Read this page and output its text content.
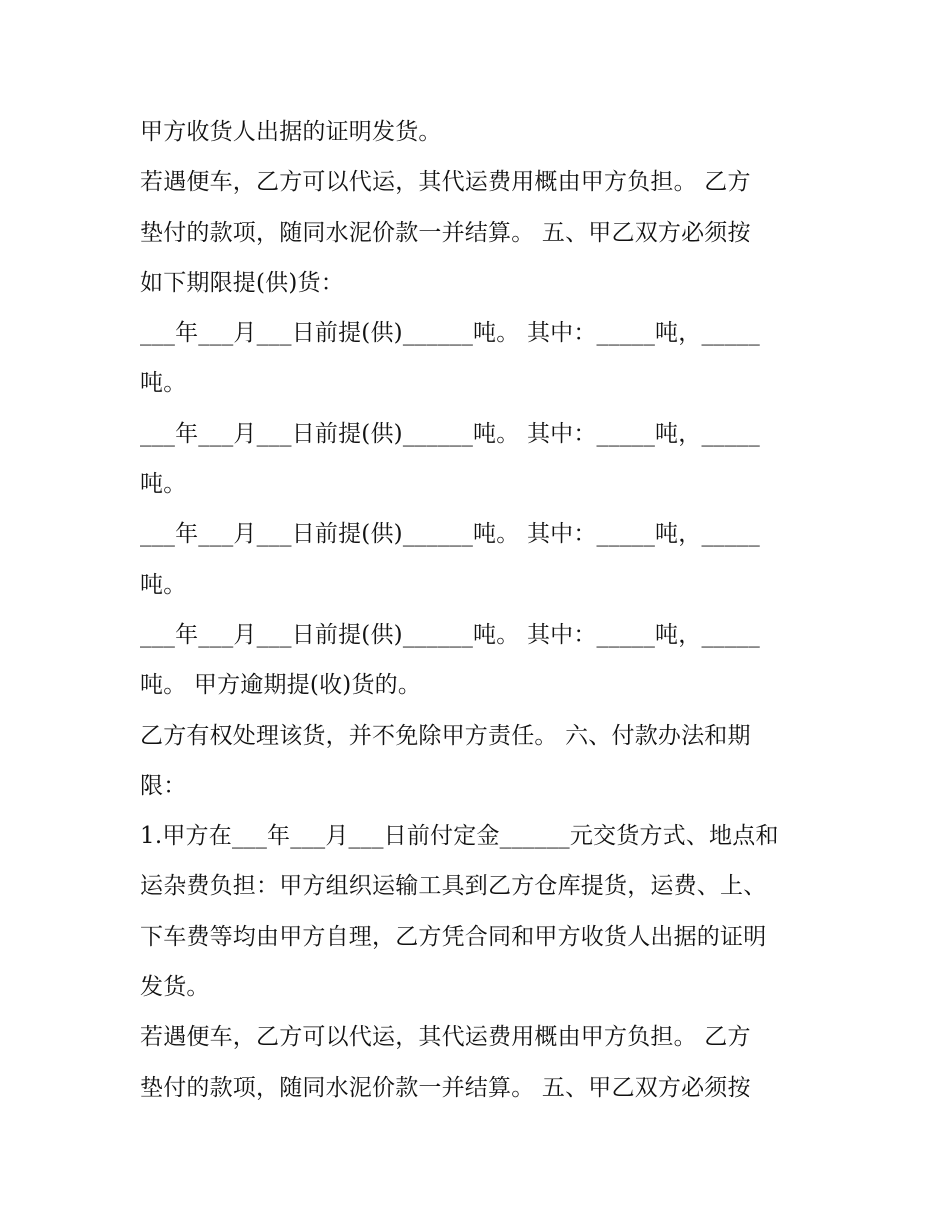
甲方收货人出据的证明发货。
若遇便车，乙方可以代运，其代运费用概由甲方负担。 乙方
垫付的款项，随同水泥价款一并结算。 五、甲乙双方必须按
如下期限提(供)货：
___年___月___日前提(供)______吨。 其中：_____吨，_____
吨。
___年___月___日前提(供)______吨。 其中：_____吨，_____
吨。
___年___月___日前提(供)______吨。 其中：_____吨，_____
吨。
___年___月___日前提(供)______吨。 其中：_____吨，_____
吨。 甲方逾期提(收)货的。
乙方有权处理该货，并不免除甲方责任。 六、付款办法和期
限：
1.甲方在___年___月___日前付定金______元交货方式、地点和
运杂费负担：甲方组织运输工具到乙方仓库提货，运费、上、
下车费等均由甲方自理，乙方凭合同和甲方收货人出据的证明
发货。
若遇便车，乙方可以代运，其代运费用概由甲方负担。 乙方
垫付的款项，随同水泥价款一并结算。 五、甲乙双方必须按
